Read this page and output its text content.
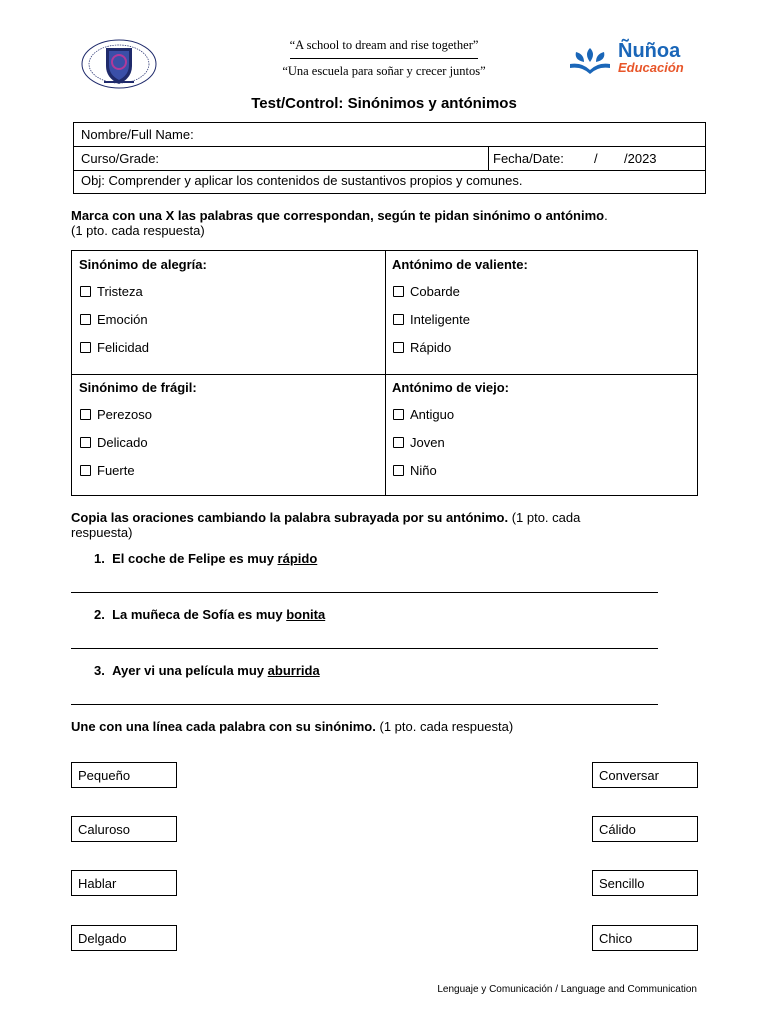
“A school to dream and rise together”
“Una escuela para soñar y crecer juntos”
Ñuñoa
Educación
Test/Control: Sinónimos y antónimos
Nombre/Full Name:
Curso/Grade:	Fecha/Date: / /2023
Obj: Comprender y aplicar los contenidos de sustantivos propios y comunes.
Marca con una X las palabras que correspondan, según te pidan sinónimo o antónimo.
(1 pto. cada respuesta)
Sinónimo de alegría:
Tristeza
Emoción
Felicidad
Antónimo de valiente:
Cobarde
Inteligente
Rápido
Sinónimo de frágil:
Perezoso
Delicado
Fuerte
Antónimo de viejo:
Antiguo
Joven
Niño
Copia las oraciones cambiando la palabra subrayada por su antónimo. (1 pto. cada
respuesta)
1. El coche de Felipe es muy rápido
2. La muñeca de Sofía es muy bonita
3. Ayer vi una película muy aburrida
Une con una línea cada palabra con su sinónimo. (1 pto. cada respuesta)
Pequeño
Caluroso
Hablar
Delgado
Conversar
Cálido
Sencillo
Chico
Lenguaje y Comunicación / Language and Communication
